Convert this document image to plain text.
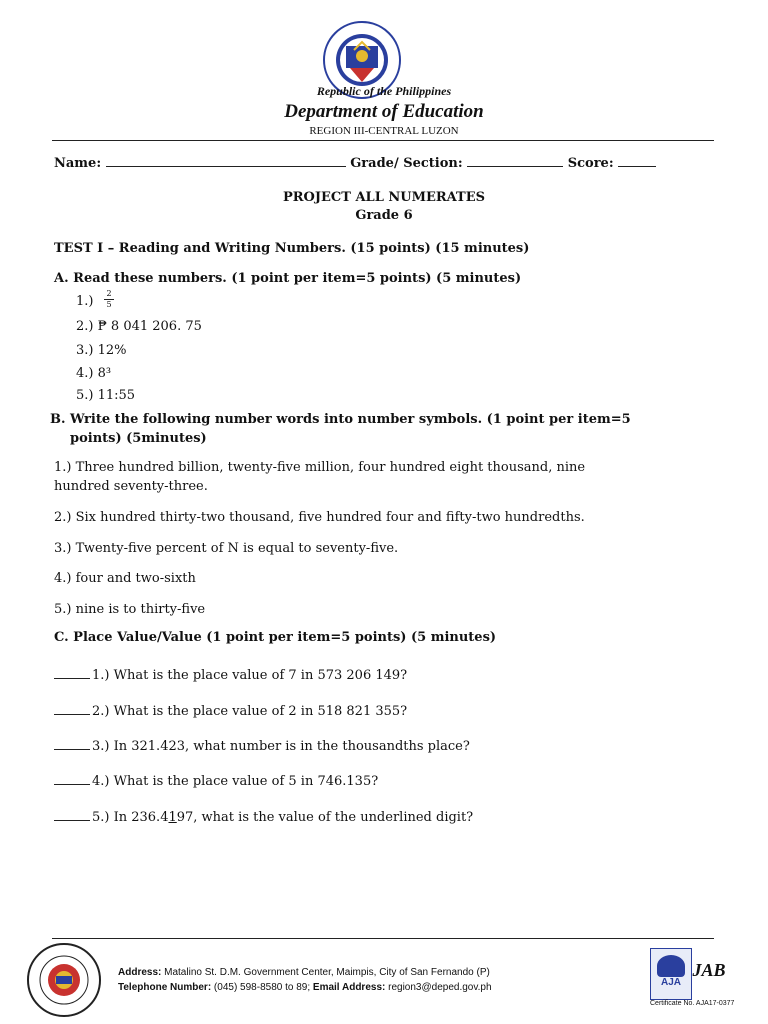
Republic of the Philippines
Department of Education
REGION III-CENTRAL LUZON
Name:	Grade/ Section:	Score:
PROJECT ALL NUMERATES
Grade 6
TEST I – Reading and Writing Numbers. (15 points) (15 minutes)
A. Read these numbers. (1 point per item=5 points) (5 minutes)
1.)
2
5
2.) ₱ 8 041 206. 75
3.) 12%
4.) 8³
5.) 11:55
B. Write the following number words into number symbols. (1 point per item=5
points) (5minutes)
1.) Three hundred billion, twenty-five million, four hundred eight thousand, nine
hundred seventy-three.
2.) Six hundred thirty-two thousand, five hundred four and fifty-two hundredths.
3.) Twenty-five percent of N is equal to seventy-five.
4.) four and two-sixth
5.) nine is to thirty-five
C. Place Value/Value (1 point per item=5 points) (5 minutes)
1.) What is the place value of 7 in 573 206 149?
2.) What is the place value of 2 in 518 821 355?
3.) In 321.423, what number is in the thousandths place?
4.) What is the place value of 5 in 746.135?
5.) In 236.4197, what is the value of the underlined digit?
Address: Matalino St. D.M. Government Center, Maimpis, City of San Fernando (P)
Telephone Number: (045) 598-8580 to 89; Email Address: region3@deped.gov.ph	AJA
JAB
Certificate No. AJA17-0377
